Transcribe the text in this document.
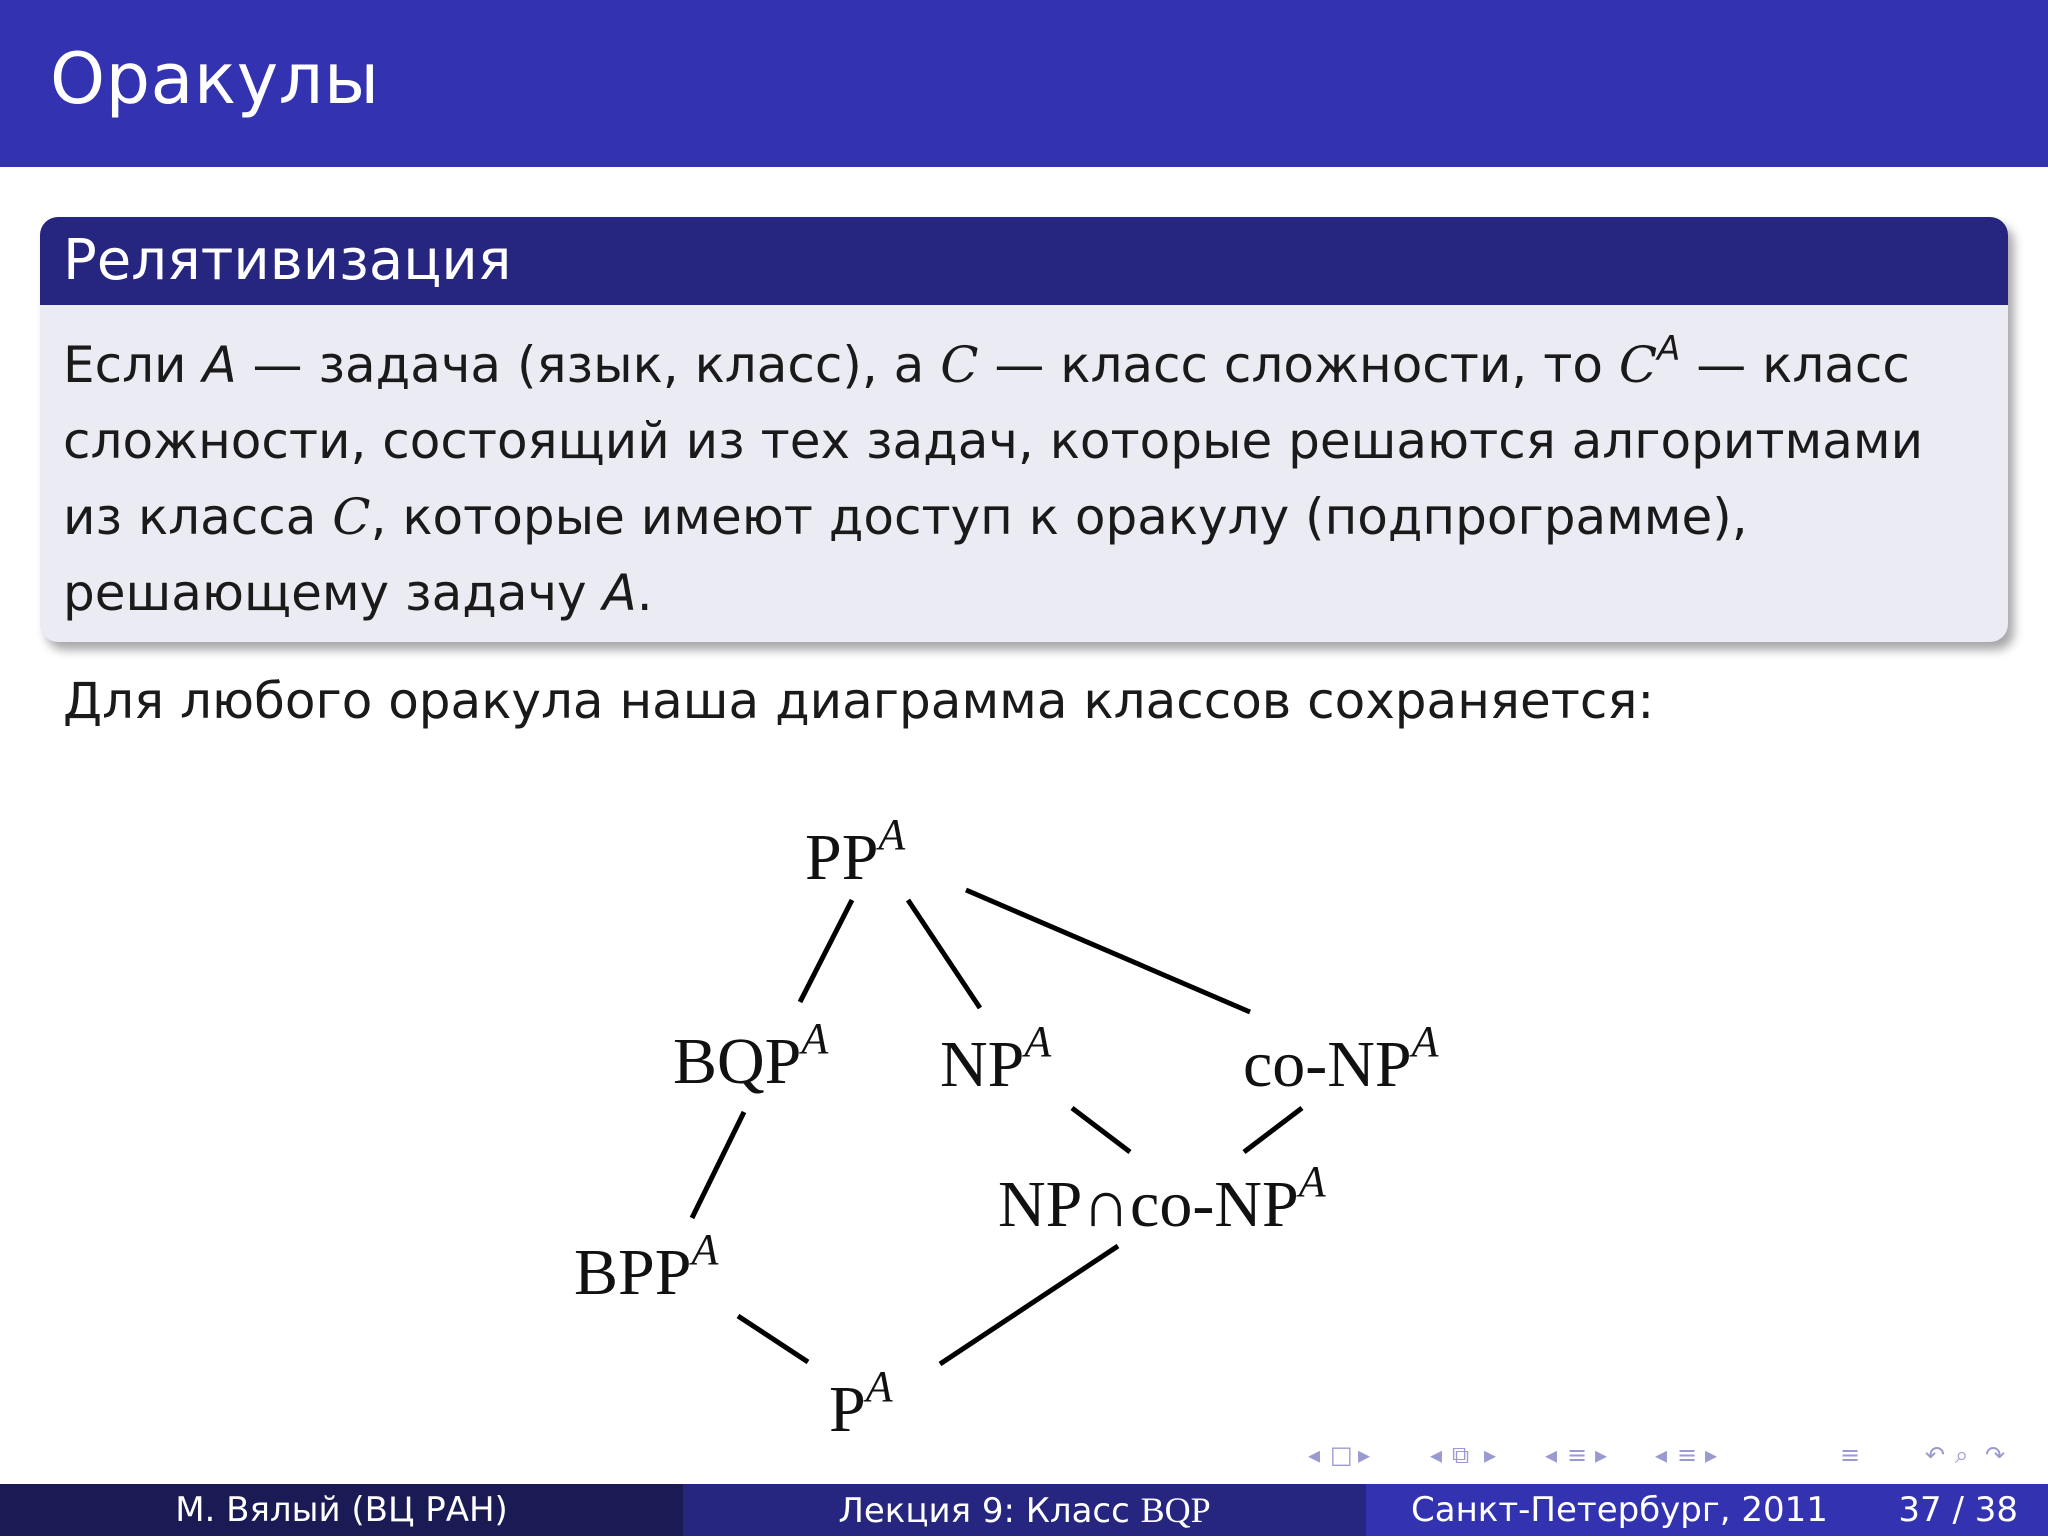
Оракулы
Релятивизация
Если A — задача (язык, класс), а C — класс сложности, то $C^A$ — класс
сложности, состоящий из тех задач, которые решаются алгоритмами
из класса C, которые имеют доступ к оракулу (подпрограмме),
решающему задачу A.
Для любого оракула наша диаграмма классов сохраняется:
$PP^A$
$BQP^A$ $NP^A$	$co-NP^A$
$NP\cap co-NP^A$
$BPP^A$
$P^A$
◂ □ ▸ ◂ ⧉ ▸ ◂ ≡ ▸ ◂ ≡ ▸	≡	↶ ⌕ ↷
М. Вялый (ВЦ РАН)	Лекция 9: Класс BQP	Санкт-Петербург, 2011 37 / 38
